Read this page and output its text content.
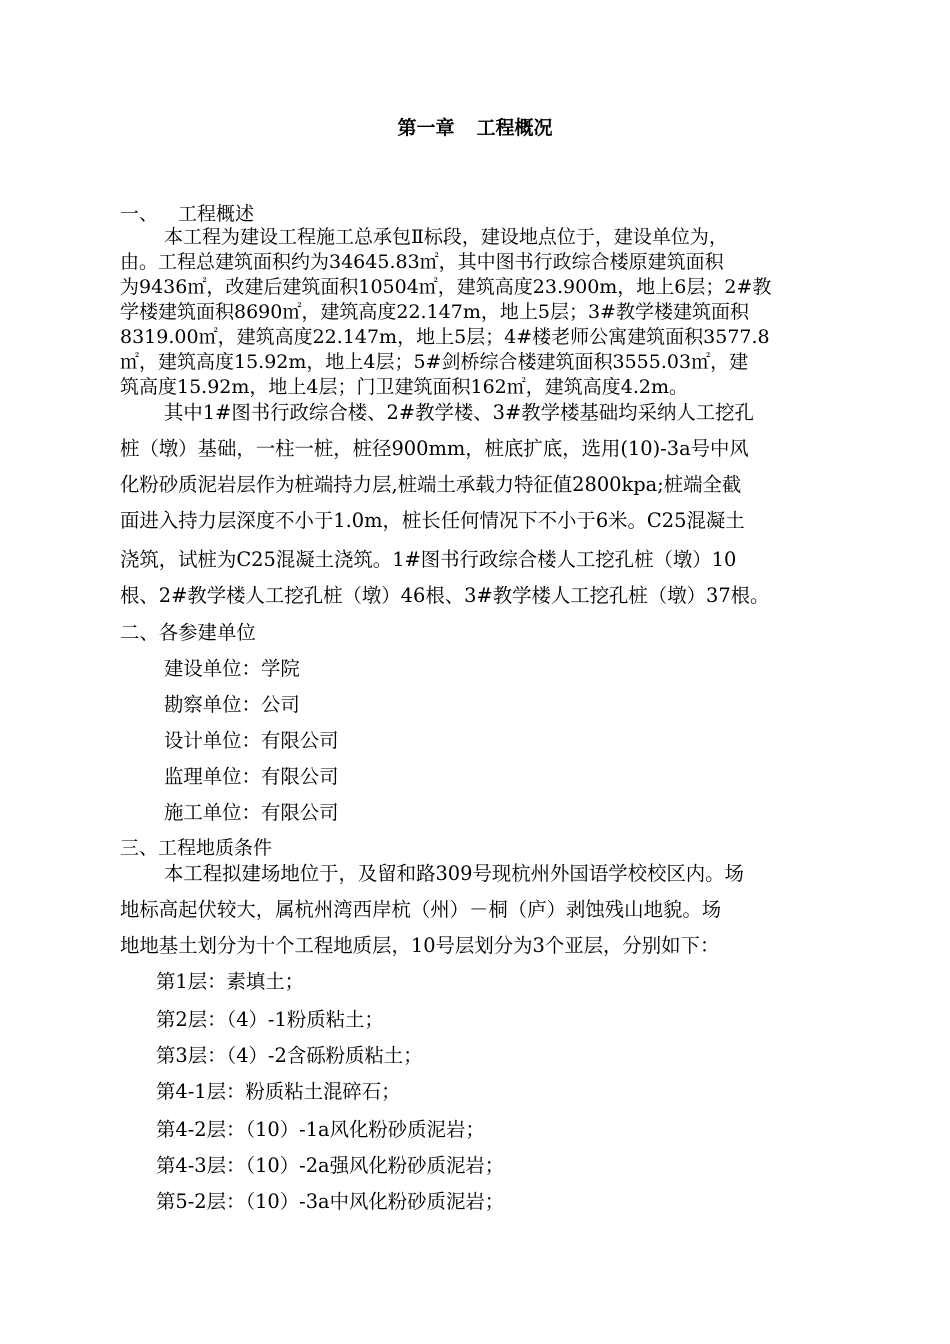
第一章 工程概况
一、 工程概述
本工程为建设工程施工总承包Ⅱ标段，建设地点位于，建设单位为，
由。工程总建筑面积约为34645.83㎡，其中图书行政综合楼原建筑面积
为9436㎡，改建后建筑面积10504㎡，建筑高度23.900m，地上6层；2#教
学楼建筑面积8690㎡，建筑高度22.147m，地上5层；3#教学楼建筑面积
8319.00㎡，建筑高度22.147m，地上5层；4#楼老师公寓建筑面积3577.8
㎡，建筑高度15.92m，地上4层；5#剑桥综合楼建筑面积3555.03㎡，建
筑高度15.92m，地上4层；门卫建筑面积162㎡，建筑高度4.2m。
其中1#图书行政综合楼、2#教学楼、3#教学楼基础均采纳人工挖孔
桩（墩）基础，一柱一桩，桩径900mm，桩底扩底，选用(10)-3a号中风
化粉砂质泥岩层作为桩端持力层,桩端土承载力特征值2800kpa;桩端全截
面进入持力层深度不小于1.0m，桩长任何情况下不小于6米。C25混凝土
浇筑，试桩为C25混凝土浇筑。1#图书行政综合楼人工挖孔桩（墩）10
根、2#教学楼人工挖孔桩（墩）46根、3#教学楼人工挖孔桩（墩）37根。
二、各参建单位
建设单位：学院
勘察单位：公司
设计单位：有限公司
监理单位：有限公司
施工单位：有限公司
三、工程地质条件
本工程拟建场地位于，及留和路309号现杭州外国语学校校区内。场
地标高起伏较大，属杭州湾西岸杭（州）－桐（庐）剥蚀残山地貌。场
地地基土划分为十个工程地质层，10号层划分为3个亚层，分别如下：
第1层：素填土；
第2层：（4）-1粉质粘土；
第3层：（4）-2含砾粉质粘土；
第4-1层：粉质粘土混碎石；
第4-2层：（10）-1a风化粉砂质泥岩；
第4-3层：（10）-2a强风化粉砂质泥岩；
第5-2层：（10）-3a中风化粉砂质泥岩；
